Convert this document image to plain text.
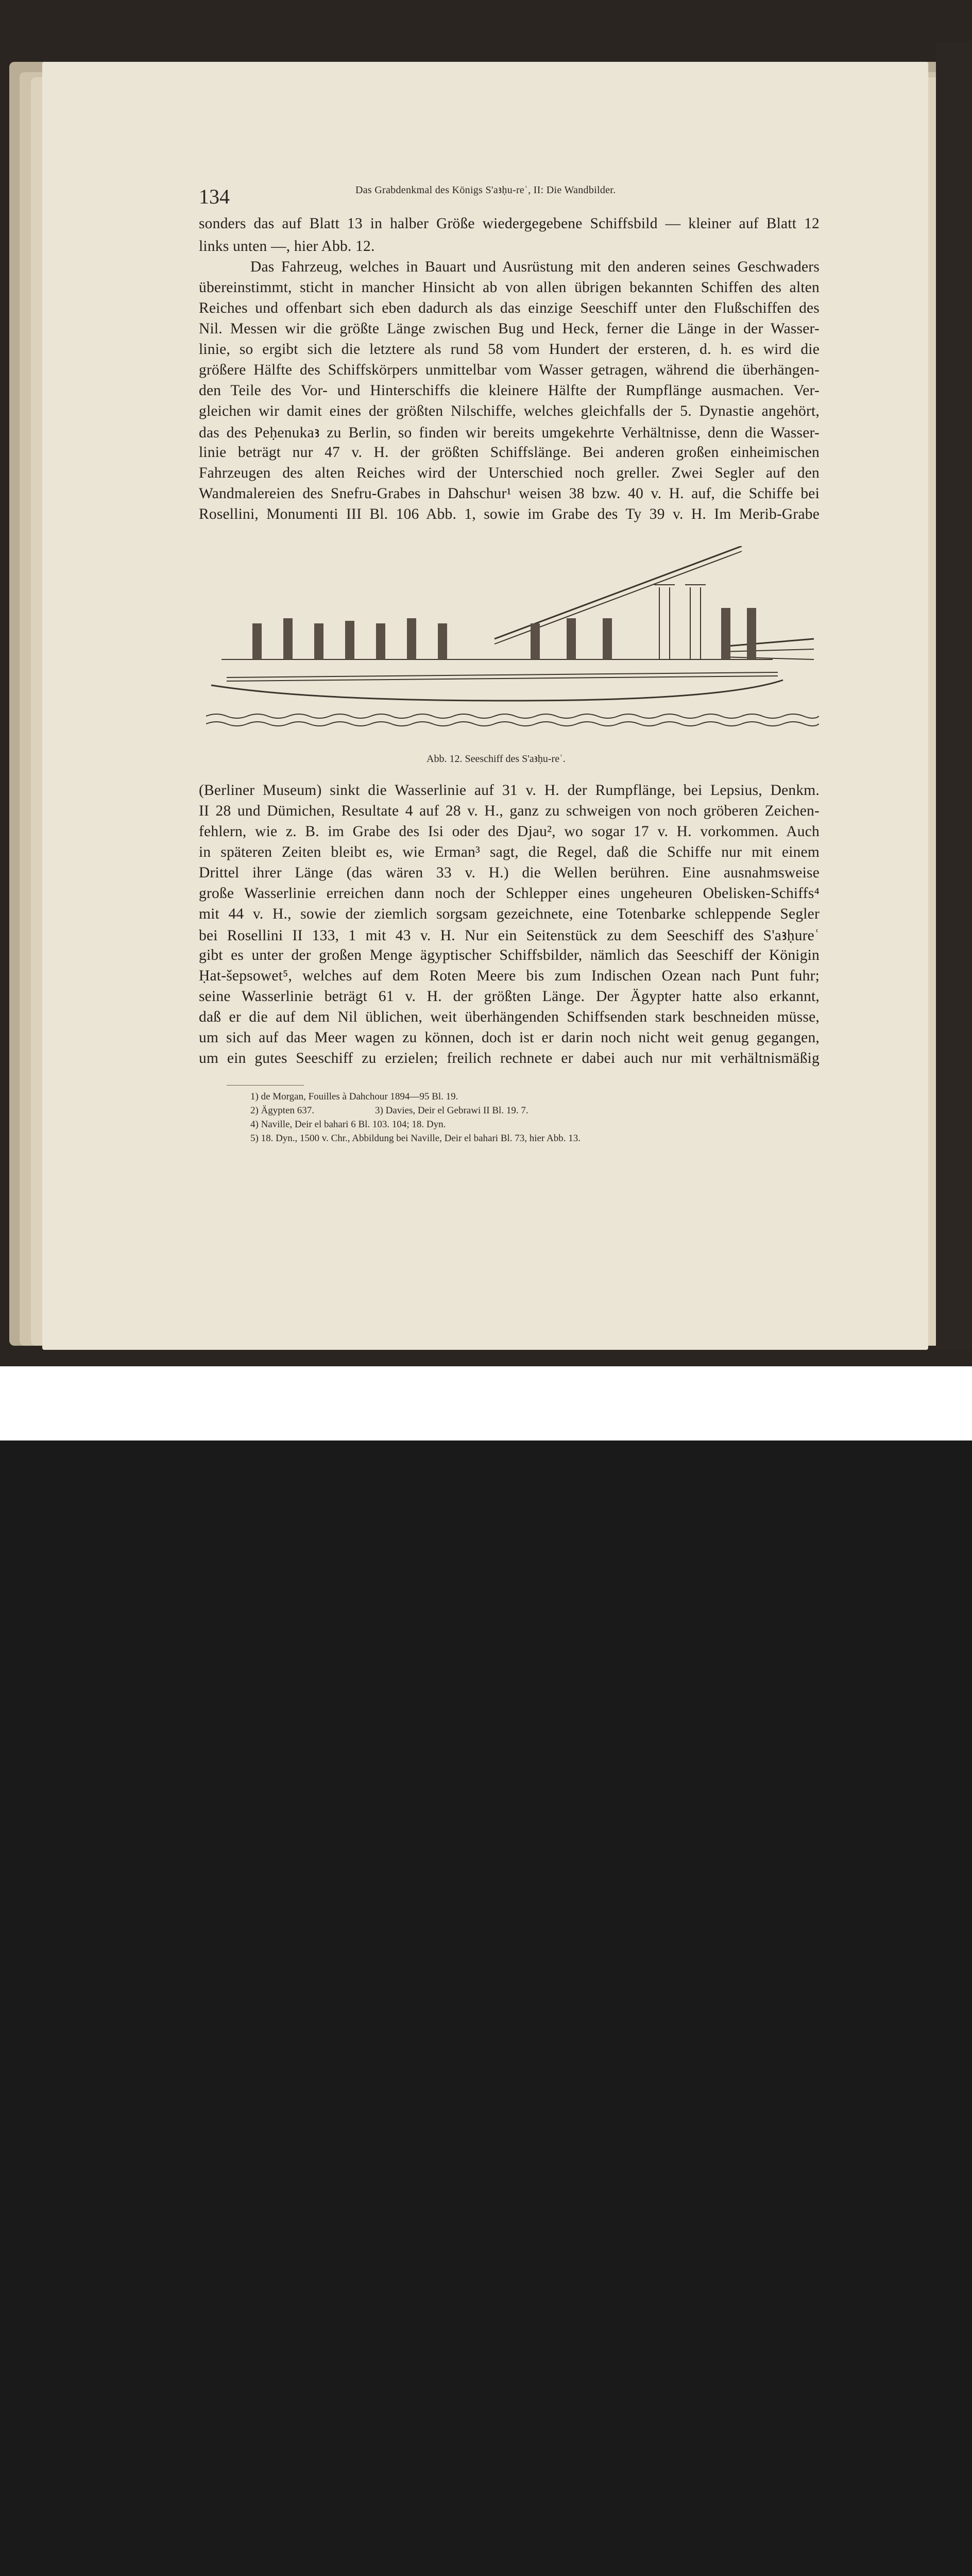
134	Das Grabdenkmal des Königs S'aꜣḥu-reʿ, II: Die Wandbilder.
sonders das auf Blatt 13 in halber Größe wiedergegebene Schiffsbild — kleiner auf Blatt 12
links unten —, hier Abb. 12.
Das Fahrzeug, welches in Bauart und Ausrüstung mit den anderen seines Geschwaders
übereinstimmt, sticht in mancher Hinsicht ab von allen übrigen bekannten Schiffen des alten
Reiches und offenbart sich eben dadurch als das einzige Seeschiff unter den Flußschiffen des
Nil. Messen wir die größte Länge zwischen Bug und Heck, ferner die Länge in der Wasser-
linie, so ergibt sich die letztere als rund 58 vom Hundert der ersteren, d. h. es wird die
größere Hälfte des Schiffskörpers unmittelbar vom Wasser getragen, während die überhängen-
den Teile des Vor- und Hinterschiffs die kleinere Hälfte der Rumpflänge ausmachen. Ver-
gleichen wir damit eines der größten Nilschiffe, welches gleichfalls der 5. Dynastie angehört,
das des Peḥenukaꜣ zu Berlin, so finden wir bereits umgekehrte Verhältnisse, denn die Wasser-
linie beträgt nur 47 v. H. der größten Schiffslänge. Bei anderen großen einheimischen
Fahrzeugen des alten Reiches wird der Unterschied noch greller. Zwei Segler auf den
Wandmalereien des Snefru-Grabes in Dahschur¹ weisen 38 bzw. 40 v. H. auf, die Schiffe bei
Rosellini, Monumenti III Bl. 106 Abb. 1, sowie im Grabe des Ty 39 v. H. Im Merib-Grabe
(Berliner Museum) sinkt die Wasserlinie auf 31 v. H. der Rumpflänge, bei Lepsius, Denkm.
II 28 und Dümichen, Resultate 4 auf 28 v. H., ganz zu schweigen von noch gröberen Zeichen-
fehlern, wie z. B. im Grabe des Isi oder des Djau², wo sogar 17 v. H. vorkommen. Auch
in späteren Zeiten bleibt es, wie Erman³ sagt, die Regel, daß die Schiffe nur mit einem
Drittel ihrer Länge (das wären 33 v. H.) die Wellen berühren. Eine ausnahmsweise
große Wasserlinie erreichen dann noch der Schlepper eines ungeheuren Obelisken-Schiffs⁴
mit 44 v. H., sowie der ziemlich sorgsam gezeichnete, eine Totenbarke schleppende Segler
bei Rosellini II 133, 1 mit 43 v. H. Nur ein Seitenstück zu dem Seeschiff des S'aꜣḥureʿ
gibt es unter der großen Menge ägyptischer Schiffsbilder, nämlich das Seeschiff der Königin
Ḥat-šepsowet⁵, welches auf dem Roten Meere bis zum Indischen Ozean nach Punt fuhr;
seine Wasserlinie beträgt 61 v. H. der größten Länge. Der Ägypter hatte also erkannt,
daß er die auf dem Nil üblichen, weit überhängenden Schiffsenden stark beschneiden müsse,
um sich auf das Meer wagen zu können, doch ist er darin noch nicht weit genug gegangen,
um ein gutes Seeschiff zu erzielen; freilich rechnete er dabei auch nur mit verhältnismäßig
Abb. 12. Seeschiff des S'aꜣḥu-reʿ.
1) de Morgan, Fouilles à Dahchour 1894—95 Bl. 19.
2) Ägypten 637.	3) Davies, Deir el Gebrawi II Bl. 19. 7.
4) Naville, Deir el bahari 6 Bl. 103. 104; 18. Dyn.
5) 18. Dyn., 1500 v. Chr., Abbildung bei Naville, Deir el bahari Bl. 73, hier Abb. 13.
